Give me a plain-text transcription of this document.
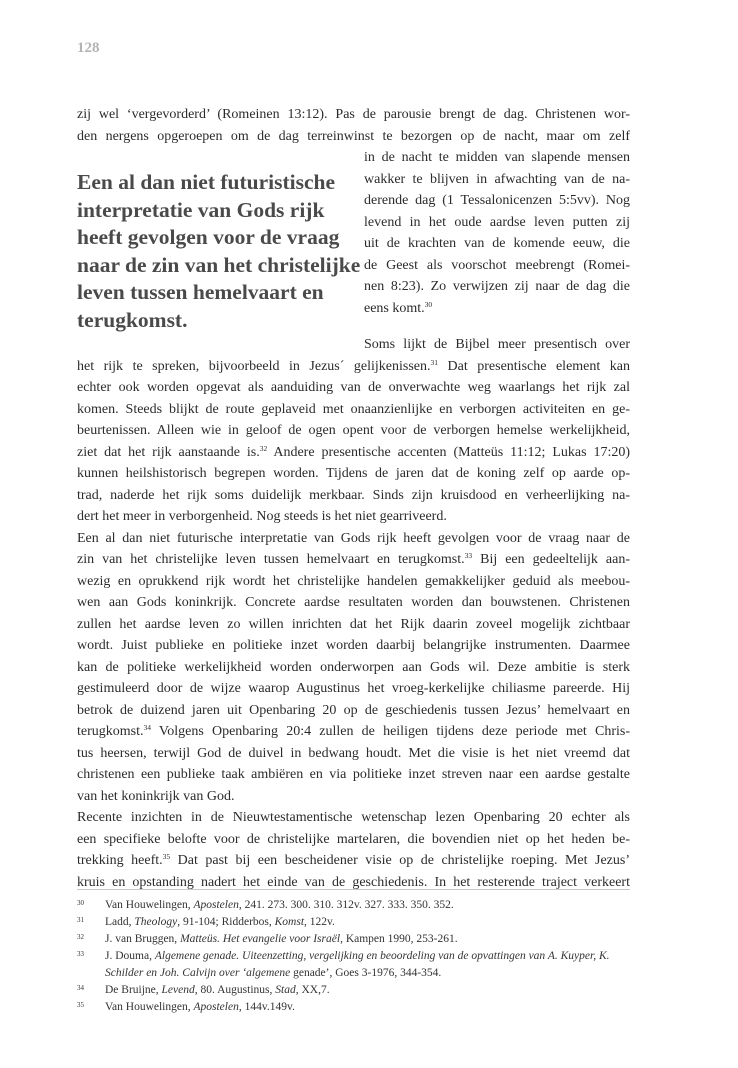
128
zij wel ‘vergevorderd’ (Romeinen 13:12). Pas de parousie brengt de dag. Christenen wor-
den nergens opgeroepen om de dag terreinwinst te bezorgen op de nacht, maar om zelf
Een al dan niet futuristische
interpretatie van Gods rijk
heeft gevolgen voor de vraag
naar de zin van het christelijke
leven tussen hemelvaart en
terugkomst.
in de nacht te midden van slapende mensen
wakker te blijven in afwachting van de na-
derende dag (1 Tessalonicenzen 5:5vv). Nog
levend in het oude aardse leven putten zij
uit de krachten van de komende eeuw, die
de Geest als voorschot meebrengt (Romei-
nen 8:23). Zo verwijzen zij naar de dag die
eens komt.$^{30}$
Soms lijkt de Bijbel meer presentisch over
het rijk te spreken, bijvoorbeeld in Jezus´ gelijkenissen.$^{31}$ Dat presentische element kan
echter ook worden opgevat als aanduiding van de onverwachte weg waarlangs het rijk zal
komen. Steeds blijkt de route geplaveid met onaanzienlijke en verborgen activiteiten en ge-
beurtenissen. Alleen wie in geloof de ogen opent voor de verborgen hemelse werkelijkheid,
ziet dat het rijk aanstaande is.$^{32}$ Andere presentische accenten (Matteüs 11:12; Lukas 17:20)
kunnen heilshistorisch begrepen worden. Tijdens de jaren dat de koning zelf op aarde op-
trad, naderde het rijk soms duidelijk merkbaar. Sinds zijn kruisdood en verheerlijking na-
dert het meer in verborgenheid. Nog steeds is het niet gearriveerd.
Een al dan niet futurische interpretatie van Gods rijk heeft gevolgen voor de vraag naar de
zin van het christelijke leven tussen hemelvaart en terugkomst.$^{33}$ Bij een gedeeltelijk aan-
wezig en oprukkend rijk wordt het christelijke handelen gemakkelijker geduid als meebou-
wen aan Gods koninkrijk. Concrete aardse resultaten worden dan bouwstenen. Christenen
zullen het aardse leven zo willen inrichten dat het Rijk daarin zoveel mogelijk zichtbaar
wordt. Juist publieke en politieke inzet worden daarbij belangrijke instrumenten. Daarmee
kan de politieke werkelijkheid worden onderworpen aan Gods wil. Deze ambitie is sterk
gestimuleerd door de wijze waarop Augustinus het vroeg-kerkelijke chiliasme pareerde. Hij
betrok de duizend jaren uit Openbaring 20 op de geschiedenis tussen Jezus’ hemelvaart en
terugkomst.$^{34}$ Volgens Openbaring 20:4 zullen de heiligen tijdens deze periode met Chris-
tus heersen, terwijl God de duivel in bedwang houdt. Met die visie is het niet vreemd dat
christenen een publieke taak ambiëren en via politieke inzet streven naar een aardse gestalte
van het koninkrijk van God.
Recente inzichten in de Nieuwtestamentische wetenschap lezen Openbaring 20 echter als
een specifieke belofte voor de christelijke martelaren, die bovendien niet op het heden be-
trekking heeft.$^{35}$ Dat past bij een bescheidener visie op de christelijke roeping. Met Jezus’
kruis en opstanding nadert het einde van de geschiedenis. In het resterende traject verkeert
30 Van Houwelingen, Apostelen, 241. 273. 300. 310. 312v. 327. 333. 350. 352.
31 Ladd, Theology, 91-104; Ridderbos, Komst, 122v.
32 J. van Bruggen, Matteüs. Het evangelie voor Israël, Kampen 1990, 253-261.
33 J. Douma, Algemene genade. Uiteenzetting, vergelijking en beoordeling van de opvattingen van A. Kuyper, K.
Schilder en Joh. Calvijn over ‘algemene genade’, Goes 3-1976, 344-354.
34 De Bruijne, Levend, 80. Augustinus, Stad, XX,7.
35 Van Houwelingen, Apostelen, 144v.149v.
